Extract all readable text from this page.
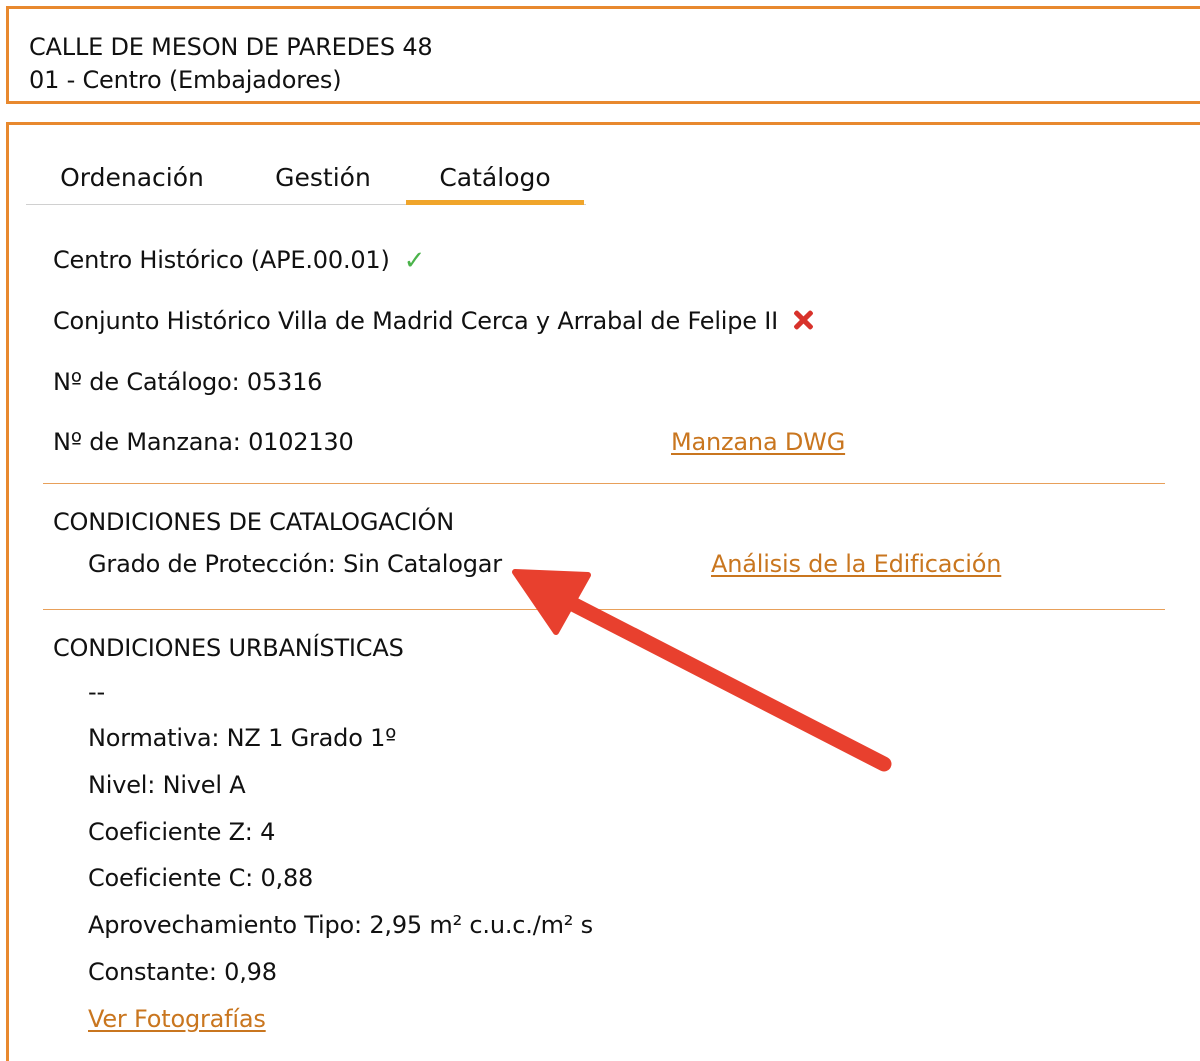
CALLE DE MESON DE PAREDES 48
01 - Centro (Embajadores)
Ordenación	Gestión	Catálogo
Centro Histórico (APE.00.01) ✓
Conjunto Histórico Villa de Madrid Cerca y Arrabal de Felipe II
Nº de Catálogo: 05316
Nº de Manzana: 0102130	Manzana DWG
CONDICIONES DE CATALOGACIÓN
Grado de Protección: Sin Catalogar	Análisis de la Edificación
CONDICIONES URBANÍSTICAS
--
Normativa: NZ 1 Grado 1º
Nivel: Nivel A
Coeficiente Z: 4
Coeficiente C: 0,88
Aprovechamiento Tipo: 2,95 m² c.u.c./m² s
Constante: 0,98
Ver Fotografías
